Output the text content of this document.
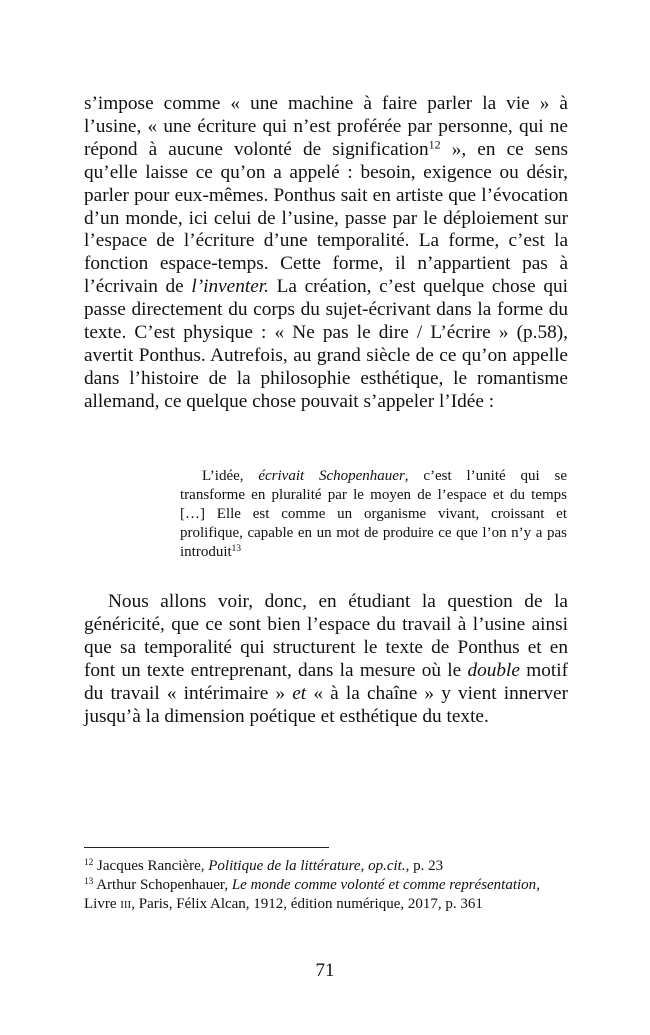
s’impose comme « une machine à faire parler la vie » à l’usine, « une écriture qui n’est proférée par personne, qui ne répond à aucune volonté de signification$^{12}$ », en ce sens qu’elle laisse ce qu’on a appelé : besoin, exigence ou désir, parler pour eux-mêmes. Ponthus sait en artiste que l’évocation d’un monde, ici celui de l’usine, passe par le déploiement sur l’espace de l’écriture d’une temporalité. La forme, c’est la fonction espace-temps. Cette forme, il n’appartient pas à l’écrivain de l’inventer. La création, c’est quelque chose qui passe directement du corps du sujet-écrivant dans la forme du texte. C’est physique : « Ne pas le dire / L’écrire » (p.58), avertit Ponthus. Autrefois, au grand siècle de ce qu’on appelle dans l’histoire de la philosophie esthétique, le romantisme allemand, ce quelque chose pouvait s’appeler l’Idée :

L’idée, écrivait Schopenhauer, c’est l’unité qui se transforme en pluralité par le moyen de l’espace et du temps […] Elle est comme un organisme vivant, croissant et prolifique, capable en un mot de produire ce que l’on n’y a pas introduit$^{13}$

Nous allons voir, donc, en étudiant la question de la généricité, que ce sont bien l’espace du travail à l’usine ainsi que sa temporalité qui structurent le texte de Ponthus et en font un texte entreprenant, dans la mesure où le double motif du travail « intérimaire » et « à la chaîne » y vient innerver jusqu’à la dimension poétique et esthétique du texte.

$^{12}$ Jacques Rancière, Politique de la littérature, op.cit., p. 23

$^{13}$ Arthur Schopenhauer, Le monde comme volonté et comme représentation, Livre iii, Paris, Félix Alcan, 1912, édition numérique, 2017, p. 361

71
